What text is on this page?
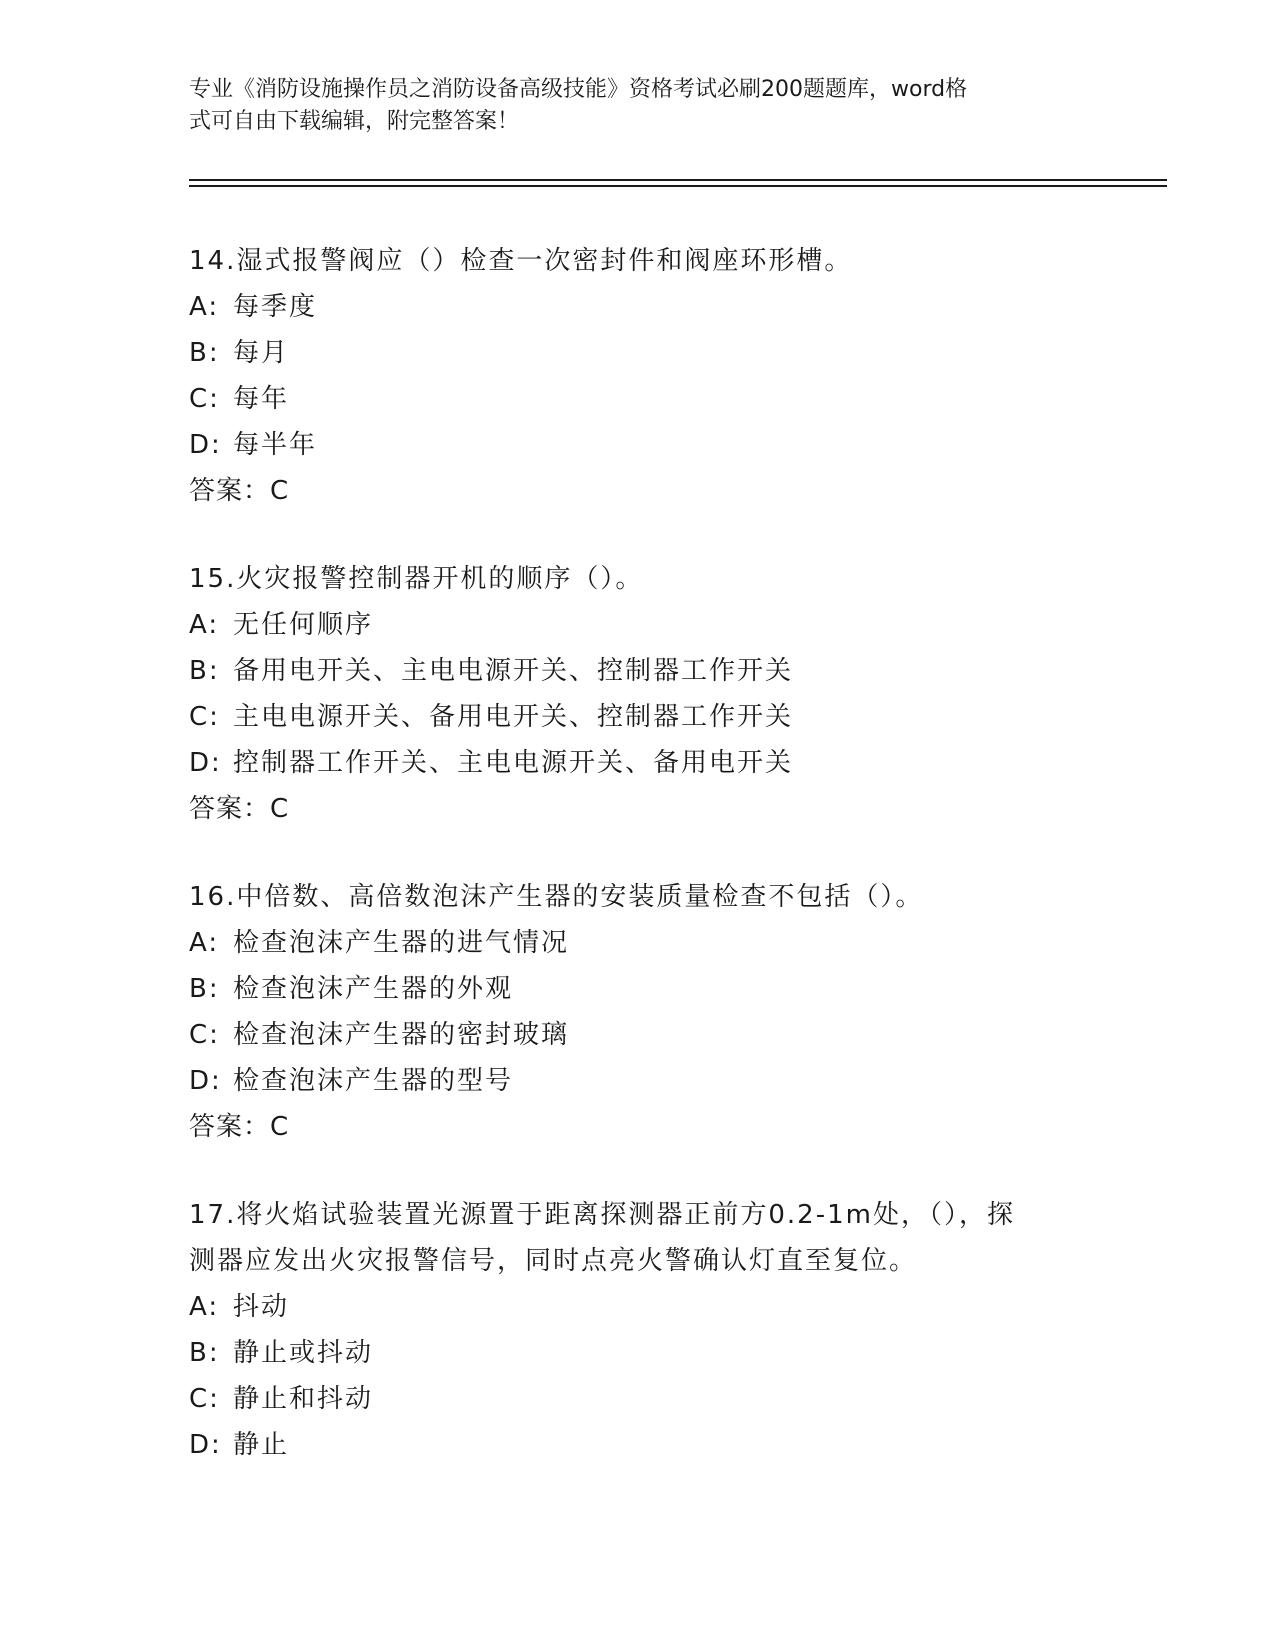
专业《消防设施操作员之消防设备高级技能》资格考试必刷200题题库，word格
式可自由下载编辑，附完整答案！
14.湿式报警阀应（）检查一次密封件和阀座环形槽。
A: 每季度
B: 每月
C: 每年
D: 每半年
答案：C
15.火灾报警控制器开机的顺序（）。
A: 无任何顺序
B: 备用电开关、主电电源开关、控制器工作开关
C: 主电电源开关、备用电开关、控制器工作开关
D: 控制器工作开关、主电电源开关、备用电开关
答案：C
16.中倍数、高倍数泡沫产生器的安装质量检查不包括（）。
A: 检查泡沫产生器的进气情况
B: 检查泡沫产生器的外观
C: 检查泡沫产生器的密封玻璃
D: 检查泡沫产生器的型号
答案：C
17.将火焰试验装置光源置于距离探测器正前方0.2-1m处，（），探
测器应发出火灾报警信号，同时点亮火警确认灯直至复位。
A: 抖动
B: 静止或抖动
C: 静止和抖动
D: 静止
